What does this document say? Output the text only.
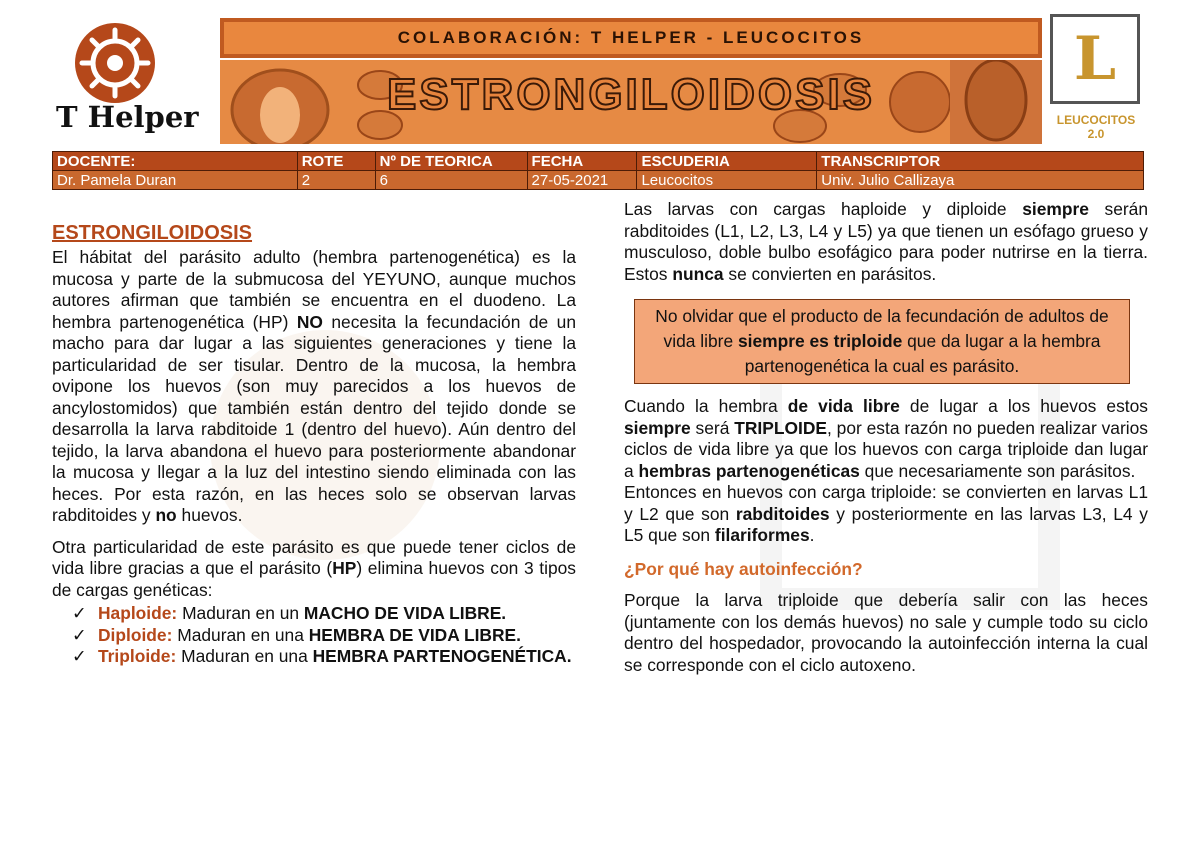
T Helper
COLABORACIÓN: T HELPER - LEUCOCITOS
ESTRONGILOIDOSIS
L
LEUCOCITOS 2.0
DOCENTE:	ROTE	Nº DE TEORICA	FECHA	ESCUDERIA	TRANSCRIPTOR
Dr. Pamela Duran	2	6	27-05-2021	Leucocitos	Univ. Julio Callizaya
ESTRONGILOIDOSIS

El hábitat del parásito adulto (hembra partenogenética) es la mucosa y parte de la submucosa del YEYUNO, aunque muchos autores afirman que también se encuentra en el duodeno. La hembra partenogenética (HP) NO necesita la fecundación de un macho para dar lugar a las siguientes generaciones y tiene la particularidad de ser tisular. Dentro de la mucosa, la hembra ovipone los huevos (son muy parecidos a los huevos de ancylostomidos) que también están dentro del tejido donde se desarrolla la larva rabditoide 1 (dentro del huevo). Aún dentro del tejido, la larva abandona el huevo para posteriormente abandonar la mucosa y llegar a la luz del intestino siendo eliminada con las heces. Por esta razón, en las heces solo se observan larvas rabditoides y no huevos.

Otra particularidad de este parásito es que puede tener ciclos de vida libre gracias a que el parásito (HP) elimina huevos con 3 tipos de cargas genéticas:

✓ Haploide: Maduran en un MACHO DE VIDA LIBRE.
✓ Diploide: Maduran en una HEMBRA DE VIDA LIBRE.
✓ Triploide: Maduran en una HEMBRA PARTENOGENÉTICA.

Las larvas con cargas haploide y diploide siempre serán rabditoides (L1, L2, L3, L4 y L5) ya que tienen un esófago grueso y musculoso, doble bulbo esofágico para poder nutrirse en la tierra. Estos nunca se convierten en parásitos.

No olvidar que el producto de la fecundación de adultos de vida libre siempre es triploide que da lugar a la hembra partenogenética la cual es parásito.

Cuando la hembra de vida libre de lugar a los huevos estos siempre será TRIPLOIDE, por esta razón no pueden realizar varios ciclos de vida libre ya que los huevos con carga triploide dan lugar a hembras partenogenéticas que necesariamente son parásitos.

Entonces en huevos con carga triploide: se convierten en larvas L1 y L2 que son rabditoides y posteriormente en las larvas L3, L4 y L5 que son filariformes.

¿Por qué hay autoinfección?

Porque la larva triploide que debería salir con las heces (juntamente con los demás huevos) no sale y cumple todo su ciclo dentro del hospedador, provocando la autoinfección interna la cual se corresponde con el ciclo autoxeno.
